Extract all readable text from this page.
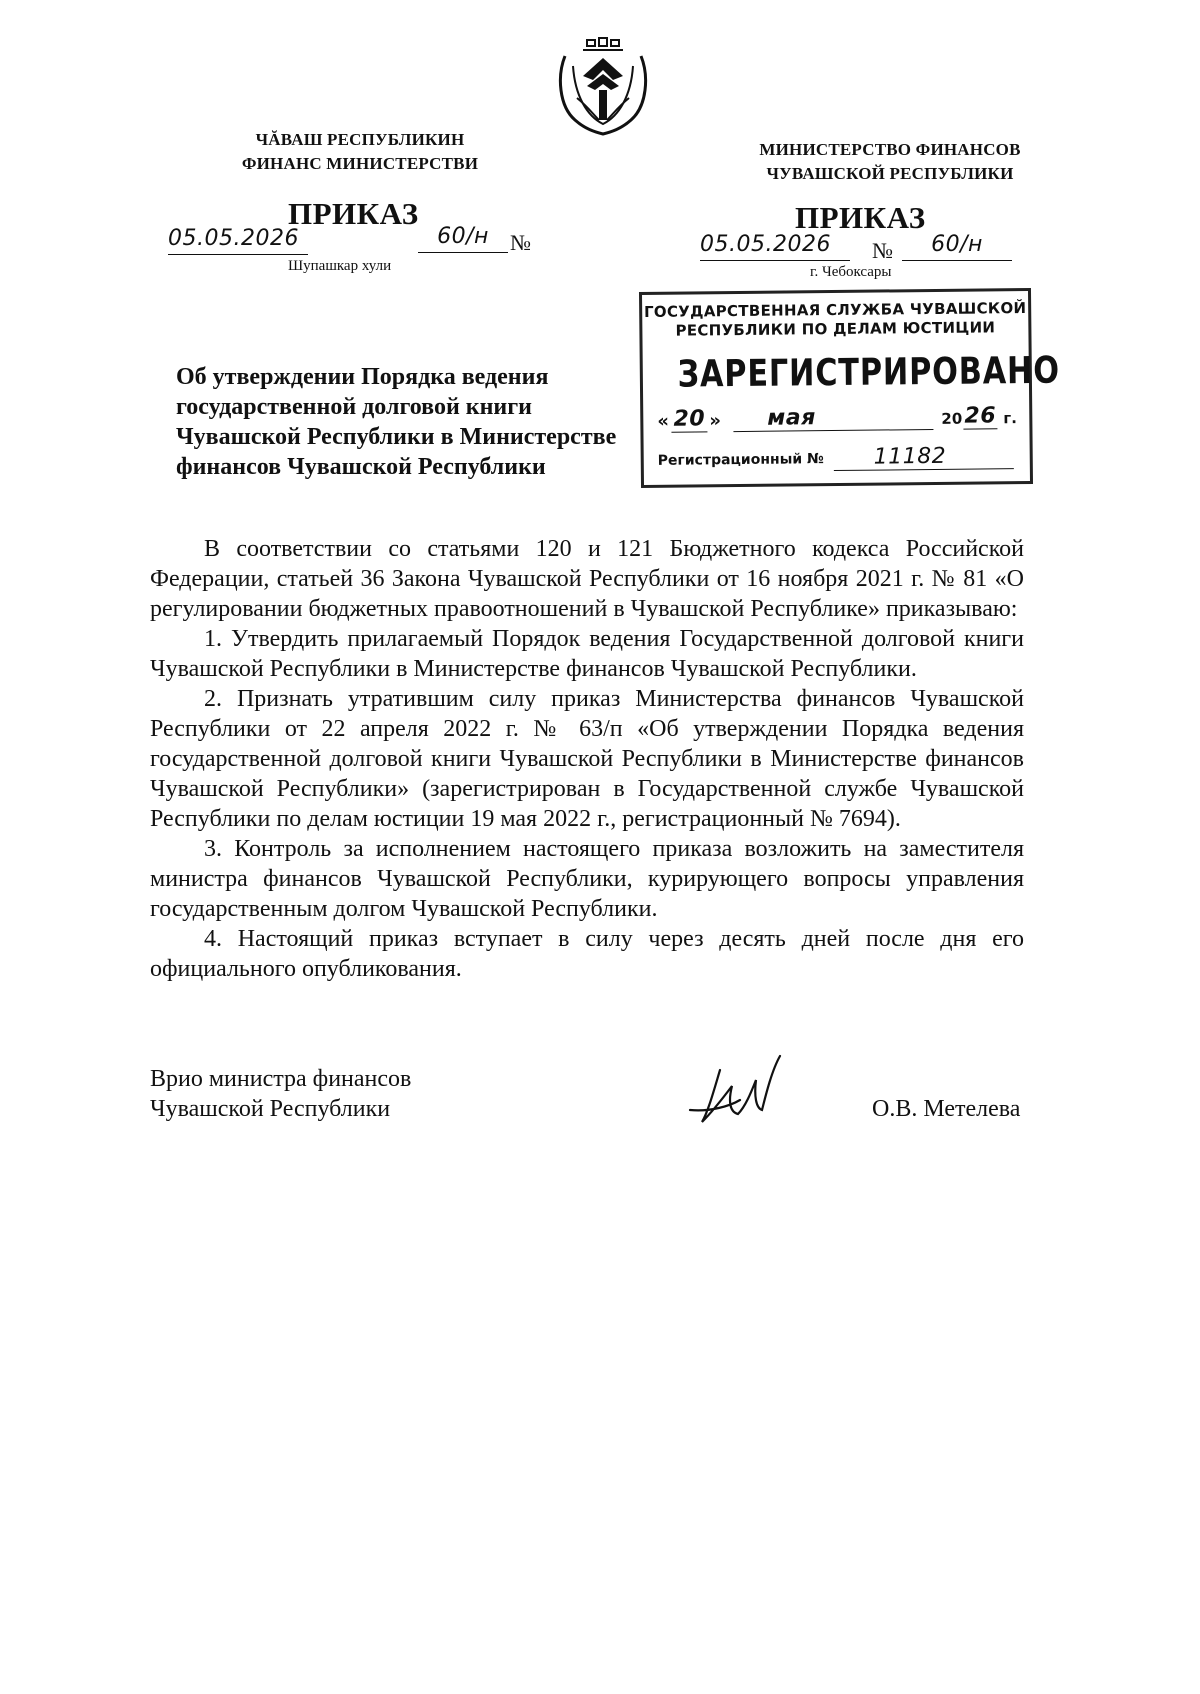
ЧĂВАШ РЕСПУБЛИКИН
ФИНАНС МИНИСТЕРСТВИ
МИНИСТЕРСТВО ФИНАНСОВ
ЧУВАШСКОЙ РЕСПУБЛИКИ
ПРИКАЗ
05.05.2026	60/н №
Шупашкар хули
ПРИКАЗ
05.05.2026	№	60/н
г. Чебоксары
ГОСУДАРСТВЕННАЯ СЛУЖБА ЧУВАШСКОЙ
РЕСПУБЛИКИ ПО ДЕЛАМ ЮСТИЦИИ
ЗАРЕГИСТРИРОВАНО
« 20 »	мая	20 26 г.
Регистрационный №	11182
Об утверждении Порядка ведения
государственной долговой книги
Чувашской Республики в Министерстве
финансов Чувашской Республики

В соответствии со статьями 120 и 121 Бюджетного кодекса Российской Федерации, статьей 36 Закона Чувашской Республики от 16 ноября 2021 г. № 81 «О регулировании бюджетных правоотношений в Чувашской Республике» приказываю:

1. Утвердить прилагаемый Порядок ведения Государственной долговой книги Чувашской Республики в Министерстве финансов Чувашской Республики.

2. Признать утратившим силу приказ Министерства финансов Чувашской Республики от 22 апреля 2022 г. № 63/п «Об утверждении Порядка ведения государственной долговой книги Чувашской Республики в Министерстве финансов Чувашской Республики» (зарегистрирован в Государственной службе Чувашской Республики по делам юстиции 19 мая 2022 г., регистрационный № 7694).

3. Контроль за исполнением настоящего приказа возложить на заместителя министра финансов Чувашской Республики, курирующего вопросы управления государственным долгом Чувашской Республики.

4. Настоящий приказ вступает в силу через десять дней после дня его официального опубликования.

Врио министра финансов
Чувашской Республики	О.В. Метелева
